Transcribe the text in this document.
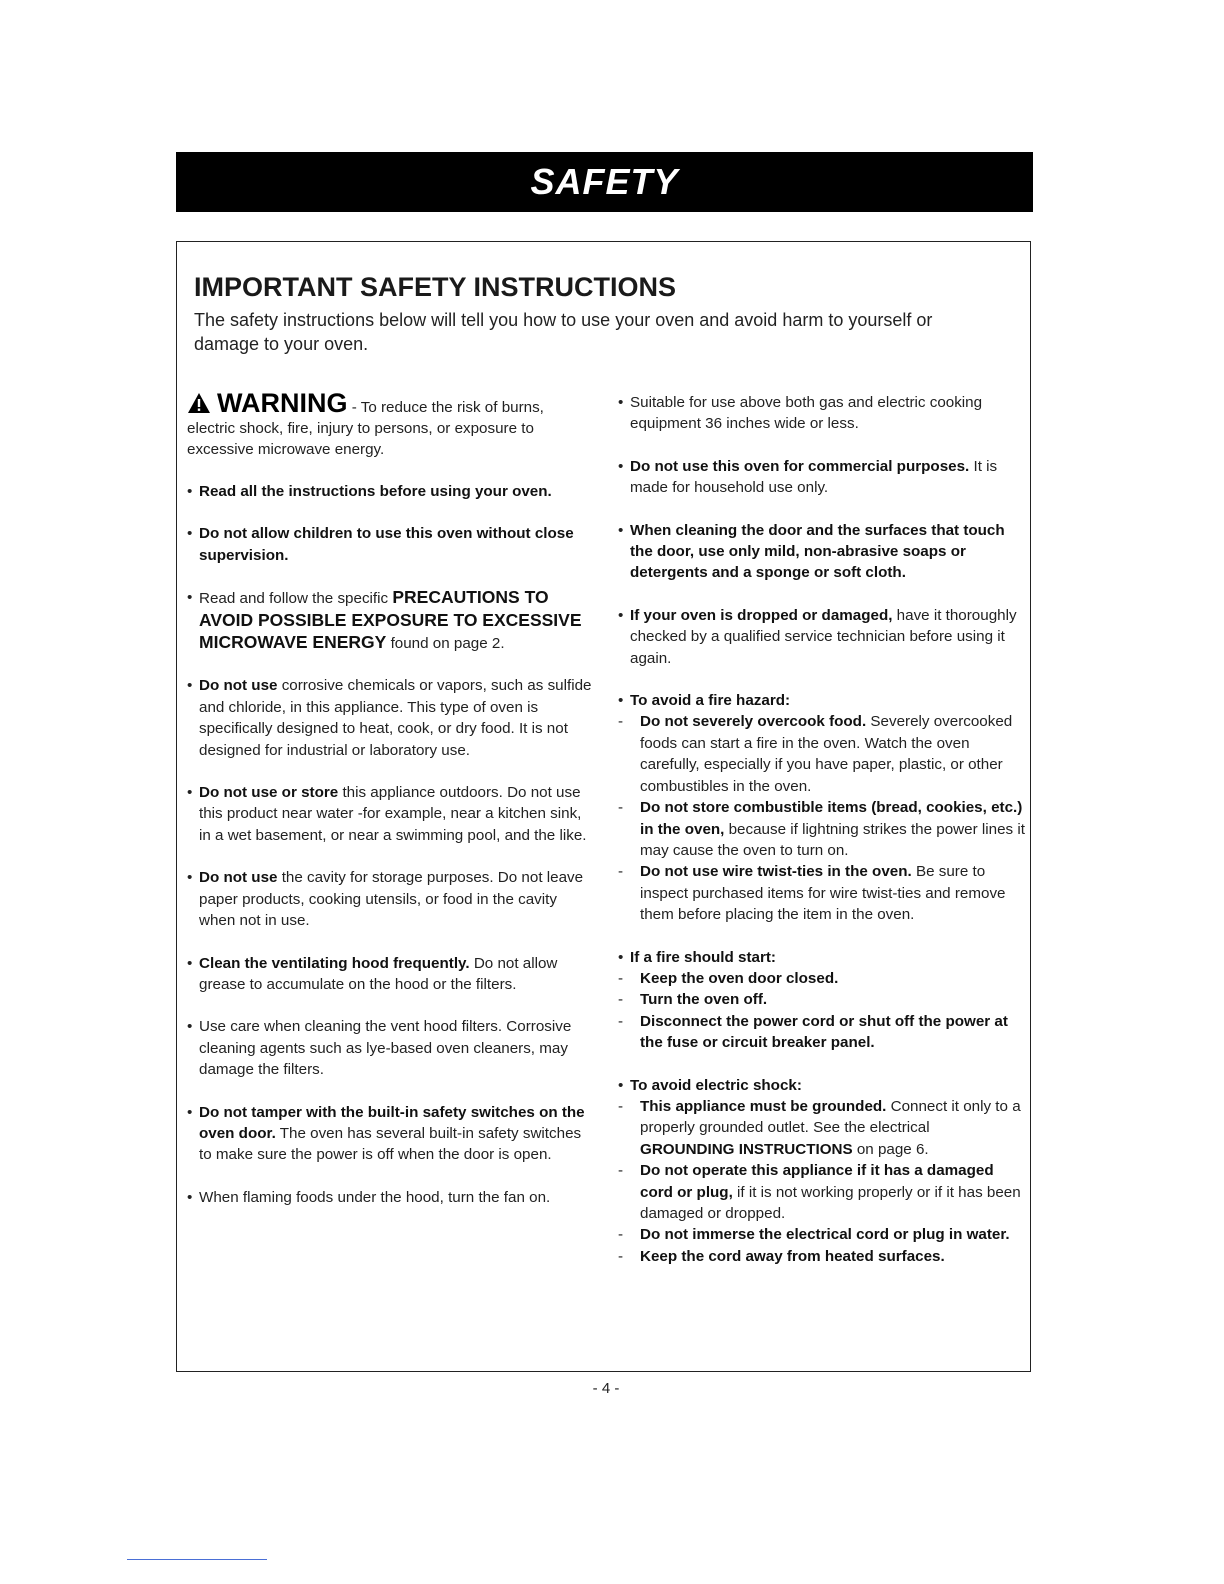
SAFETY
IMPORTANT SAFETY INSTRUCTIONS

The safety instructions below will tell you how to use your oven and avoid harm to yourself or damage to your oven.

WARNING - To reduce the risk of burns, electric shock, fire, injury to persons, or exposure to excessive microwave energy.

• Read all the instructions before using your oven.

• Do not allow children to use this oven without close supervision.

• Read and follow the specific PRECAUTIONS TO AVOID POSSIBLE EXPOSURE TO EXCESSIVE MICROWAVE ENERGY found on page 2.

• Do not use corrosive chemicals or vapors, such as sulfide and chloride, in this appliance. This type of oven is specifically designed to heat, cook, or dry food. It is not designed for industrial or laboratory use.

• Do not use or store this appliance outdoors. Do not use this product near water -for example, near a kitchen sink, in a wet basement, or near a swimming pool, and the like.

• Do not use the cavity for storage purposes. Do not leave paper products, cooking utensils, or food in the cavity when not in use.

• Clean the ventilating hood frequently. Do not allow grease to accumulate on the hood or the filters.

• Use care when cleaning the vent hood filters. Corrosive cleaning agents such as lye-based oven cleaners, may damage the filters.

• Do not tamper with the built-in safety switches on the oven door. The oven has several built-in safety switches to make sure the power is off when the door is open.

• When flaming foods under the hood, turn the fan on.

• Suitable for use above both gas and electric cooking equipment 36 inches wide or less.

• Do not use this oven for commercial purposes. It is made for household use only.

• When cleaning the door and the surfaces that touch the door, use only mild, non-abrasive soaps or detergents and a sponge or soft cloth.

• If your oven is dropped or damaged, have it thoroughly checked by a qualified service technician before using it again.

• To avoid a fire hazard:

-	Do not severely overcook food. Severely overcooked foods can start a fire in the oven. Watch the oven carefully, especially if you have paper, plastic, or other combustibles in the oven.

-	Do not store combustible items (bread, cookies, etc.) in the oven, because if lightning strikes the power lines it may cause the oven to turn on.

-	Do not use wire twist-ties in the oven. Be sure to inspect purchased items for wire twist-ties and remove them before placing the item in the oven.

• If a fire should start:

-	Keep the oven door closed.

-	Turn the oven off.

-	Disconnect the power cord or shut off the power at the fuse or circuit breaker panel.

• To avoid electric shock:

-	This appliance must be grounded. Connect it only to a properly grounded outlet. See the electrical GROUNDING INSTRUCTIONS on page 6.

-	Do not operate this appliance if it has a damaged cord or plug, if it is not working properly or if it has been damaged or dropped.

-	Do not immerse the electrical cord or plug in water.

-	Keep the cord away from heated surfaces.

- 4 -
